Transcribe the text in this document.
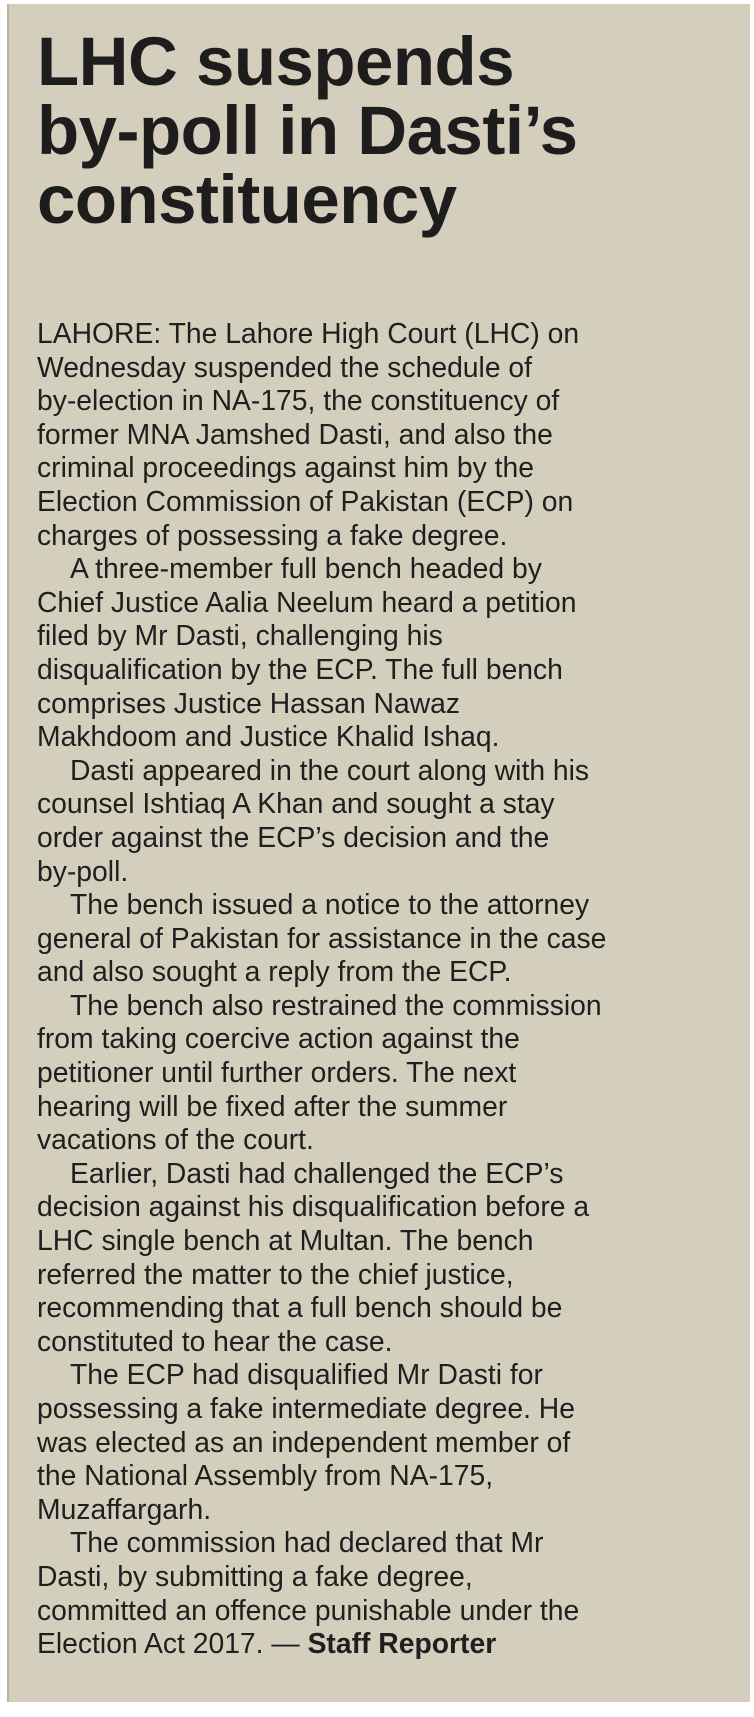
LHC suspends
by-poll in Dasti’s
constituency

LAHORE: The Lahore High Court (LHC) on
Wednesday suspended the schedule of
by-election in NA-175, the constituency of
former MNA Jamshed Dasti, and also the
criminal proceedings against him by the
Election Commission of Pakistan (ECP) on
charges of possessing a fake degree.

A three-member full bench headed by
Chief Justice Aalia Neelum heard a petition
filed by Mr Dasti, challenging his
disqualification by the ECP. The full bench
comprises Justice Hassan Nawaz
Makhdoom and Justice Khalid Ishaq.

Dasti appeared in the court along with his
counsel Ishtiaq A Khan and sought a stay
order against the ECP’s decision and the
by-poll.

The bench issued a notice to the attorney
general of Pakistan for assistance in the case
and also sought a reply from the ECP.

The bench also restrained the commission
from taking coercive action against the
petitioner until further orders. The next
hearing will be fixed after the summer
vacations of the court.

Earlier, Dasti had challenged the ECP’s
decision against his disqualification before a
LHC single bench at Multan. The bench
referred the matter to the chief justice,
recommending that a full bench should be
constituted to hear the case.

The ECP had disqualified Mr Dasti for
possessing a fake intermediate degree. He
was elected as an independent member of
the National Assembly from NA-175,
Muzaffargarh.

The commission had declared that Mr
Dasti, by submitting a fake degree,
committed an offence punishable under the
Election Act 2017. — Staff Reporter
